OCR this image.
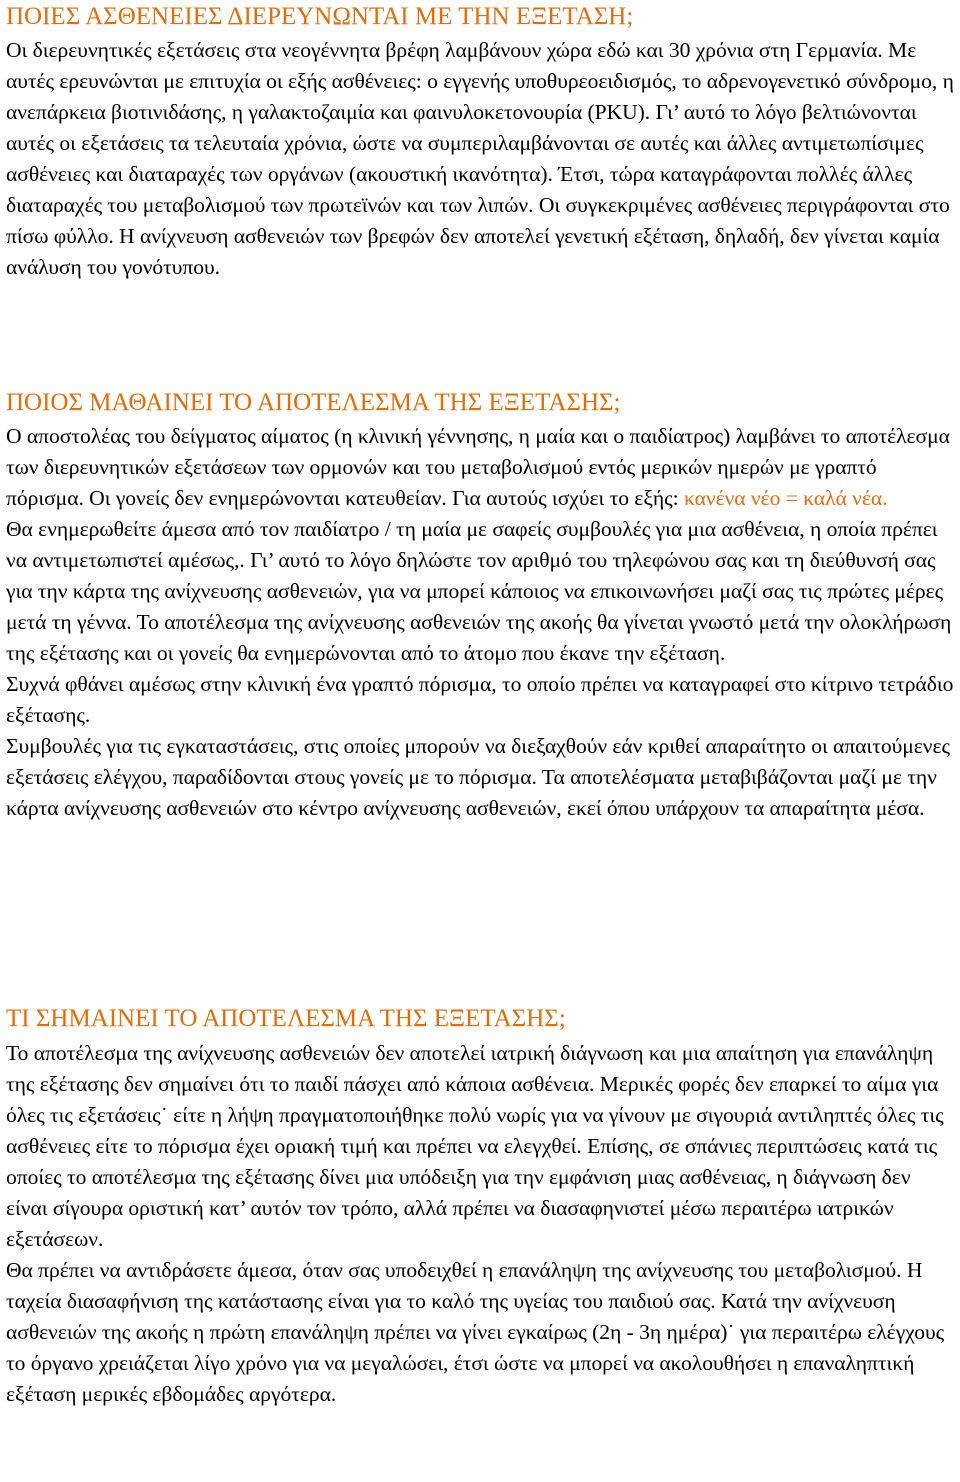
ΠΟΙΕΣ ΑΣΘΕΝΕΙΕΣ ΔΙΕΡΕΥΝΩΝΤΑΙ ΜΕ ΤΗΝ ΕΞΕΤΑΣΗ;

Οι διερευνητικές εξετάσεις στα νεογέννητα βρέφη λαμβάνουν χώρα εδώ και 30 χρόνια στη Γερμανία. Με αυτές ερευνώνται με επιτυχία οι εξής ασθένειες: ο εγγενής υποθυρεοειδισμός, το αδρενογενετικό σύνδρομο, η ανεπάρκεια βιοτινιδάσης, η γαλακτοζαιμία και φαινυλοκετονουρία (PKU). Γι’ αυτό το λόγο βελτιώνονται αυτές οι εξετάσεις τα τελευταία χρόνια, ώστε να συμπεριλαμβάνονται σε αυτές και άλλες αντιμετωπίσιμες ασθένειες και διαταραχές των οργάνων (ακουστική ικανότητα). Έτσι, τώρα καταγράφονται πολλές άλλες διαταραχές του μεταβολισμού των πρωτεϊνών και των λιπών. Οι συγκεκριμένες ασθένειες περιγράφονται στο πίσω φύλλο. Η ανίχνευση ασθενειών των βρεφών δεν αποτελεί γενετική εξέταση, δηλαδή, δεν γίνεται καμία ανάλυση του γονότυπου.

ΠΟΙΟΣ ΜΑΘΑΙΝΕΙ ΤΟ ΑΠΟΤΕΛΕΣΜΑ ΤΗΣ ΕΞΕΤΑΣΗΣ;

Ο αποστολέας του δείγματος αίματος (η κλινική γέννησης, η μαία και ο παιδίατρος) λαμβάνει το αποτέλεσμα των διερευνητικών εξετάσεων των ορμονών και του μεταβολισμού εντός μερικών ημερών με γραπτό πόρισμα. Οι γονείς δεν ενημερώνονται κατευθείαν. Για αυτούς ισχύει το εξής: κανένα νέο = καλά νέα.

Θα ενημερωθείτε άμεσα από τον παιδίατρο / τη μαία με σαφείς συμβουλές για μια ασθένεια, η οποία πρέπει να αντιμετωπιστεί αμέσως,. Γι’ αυτό το λόγο δηλώστε τον αριθμό του τηλεφώνου σας και τη διεύθυνσή σας για την κάρτα της ανίχνευσης ασθενειών, για να μπορεί κάποιος να επικοινωνήσει μαζί σας τις πρώτες μέρες μετά τη γέννα. Το αποτέλεσμα της ανίχνευσης ασθενειών της ακοής θα γίνεται γνωστό μετά την ολοκλήρωση της εξέτασης και οι γονείς θα ενημερώνονται από το άτομο που έκανε την εξέταση.

Συχνά φθάνει αμέσως στην κλινική ένα γραπτό πόρισμα, το οποίο πρέπει να καταγραφεί στο κίτρινο τετράδιο εξέτασης.

Συμβουλές για τις εγκαταστάσεις, στις οποίες μπορούν να διεξαχθούν εάν κριθεί απαραίτητο οι απαιτούμενες εξετάσεις ελέγχου, παραδίδονται στους γονείς με το πόρισμα. Τα αποτελέσματα μεταβιβάζονται μαζί με την κάρτα ανίχνευσης ασθενειών στο κέντρο ανίχνευσης ασθενειών, εκεί όπου υπάρχουν τα απαραίτητα μέσα.

ΤΙ ΣΗΜΑΙΝΕΙ ΤΟ ΑΠΟΤΕΛΕΣΜΑ ΤΗΣ ΕΞΕΤΑΣΗΣ;

Το αποτέλεσμα της ανίχνευσης ασθενειών δεν αποτελεί ιατρική διάγνωση και μια απαίτηση για επανάληψη της εξέτασης δεν σημαίνει ότι το παιδί πάσχει από κάποια ασθένεια. Μερικές φορές δεν επαρκεί το αίμα για όλες τις εξετάσεις˙ είτε η λήψη πραγματοποιήθηκε πολύ νωρίς για να γίνουν με σιγουριά αντιληπτές όλες τις ασθένειες είτε το πόρισμα έχει οριακή τιμή και πρέπει να ελεγχθεί. Επίσης, σε σπάνιες περιπτώσεις κατά τις οποίες το αποτέλεσμα της εξέτασης δίνει μια υπόδειξη για την εμφάνιση μιας ασθένειας, η διάγνωση δεν είναι σίγουρα οριστική κατ’ αυτόν τον τρόπο, αλλά πρέπει να διασαφηνιστεί μέσω περαιτέρω ιατρικών εξετάσεων.

Θα πρέπει να αντιδράσετε άμεσα, όταν σας υποδειχθεί η επανάληψη της ανίχνευσης του μεταβολισμού. Η ταχεία διασαφήνιση της κατάστασης είναι για το καλό της υγείας του παιδιού σας. Κατά την ανίχνευση ασθενειών της ακοής η πρώτη επανάληψη πρέπει να γίνει εγκαίρως (2η - 3η ημέρα)˙ για περαιτέρω ελέγχους το όργανο χρειάζεται λίγο χρόνο για να μεγαλώσει, έτσι ώστε να μπορεί να ακολουθήσει η επαναληπτική εξέταση μερικές εβδομάδες αργότερα.
